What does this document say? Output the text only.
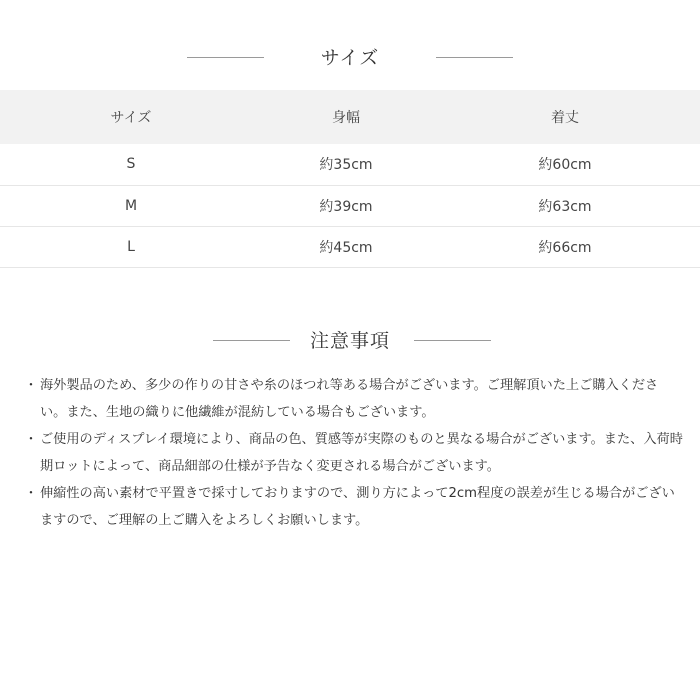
サイズ
サイズ	身幅	着丈
S	約35cm	約60cm
M	約39cm	約63cm
L	約45cm	約66cm
注意事項
・ 海外製品のため、多少の作りの甘さや糸のほつれ等ある場合がございます。ご理解頂いた上ご購入ください。また、生地の織りに他繊維が混紡している場合もございます。
・ ご使用のディスプレイ環境により、商品の色、質感等が実際のものと異なる場合がございます。また、入荷時期ロットによって、商品細部の仕様が予告なく変更される場合がございます。
・ 伸縮性の高い素材で平置きで採寸しておりますので、測り方によって2cm程度の誤差が生じる場合がございますので、ご理解の上ご購入をよろしくお願いします。
